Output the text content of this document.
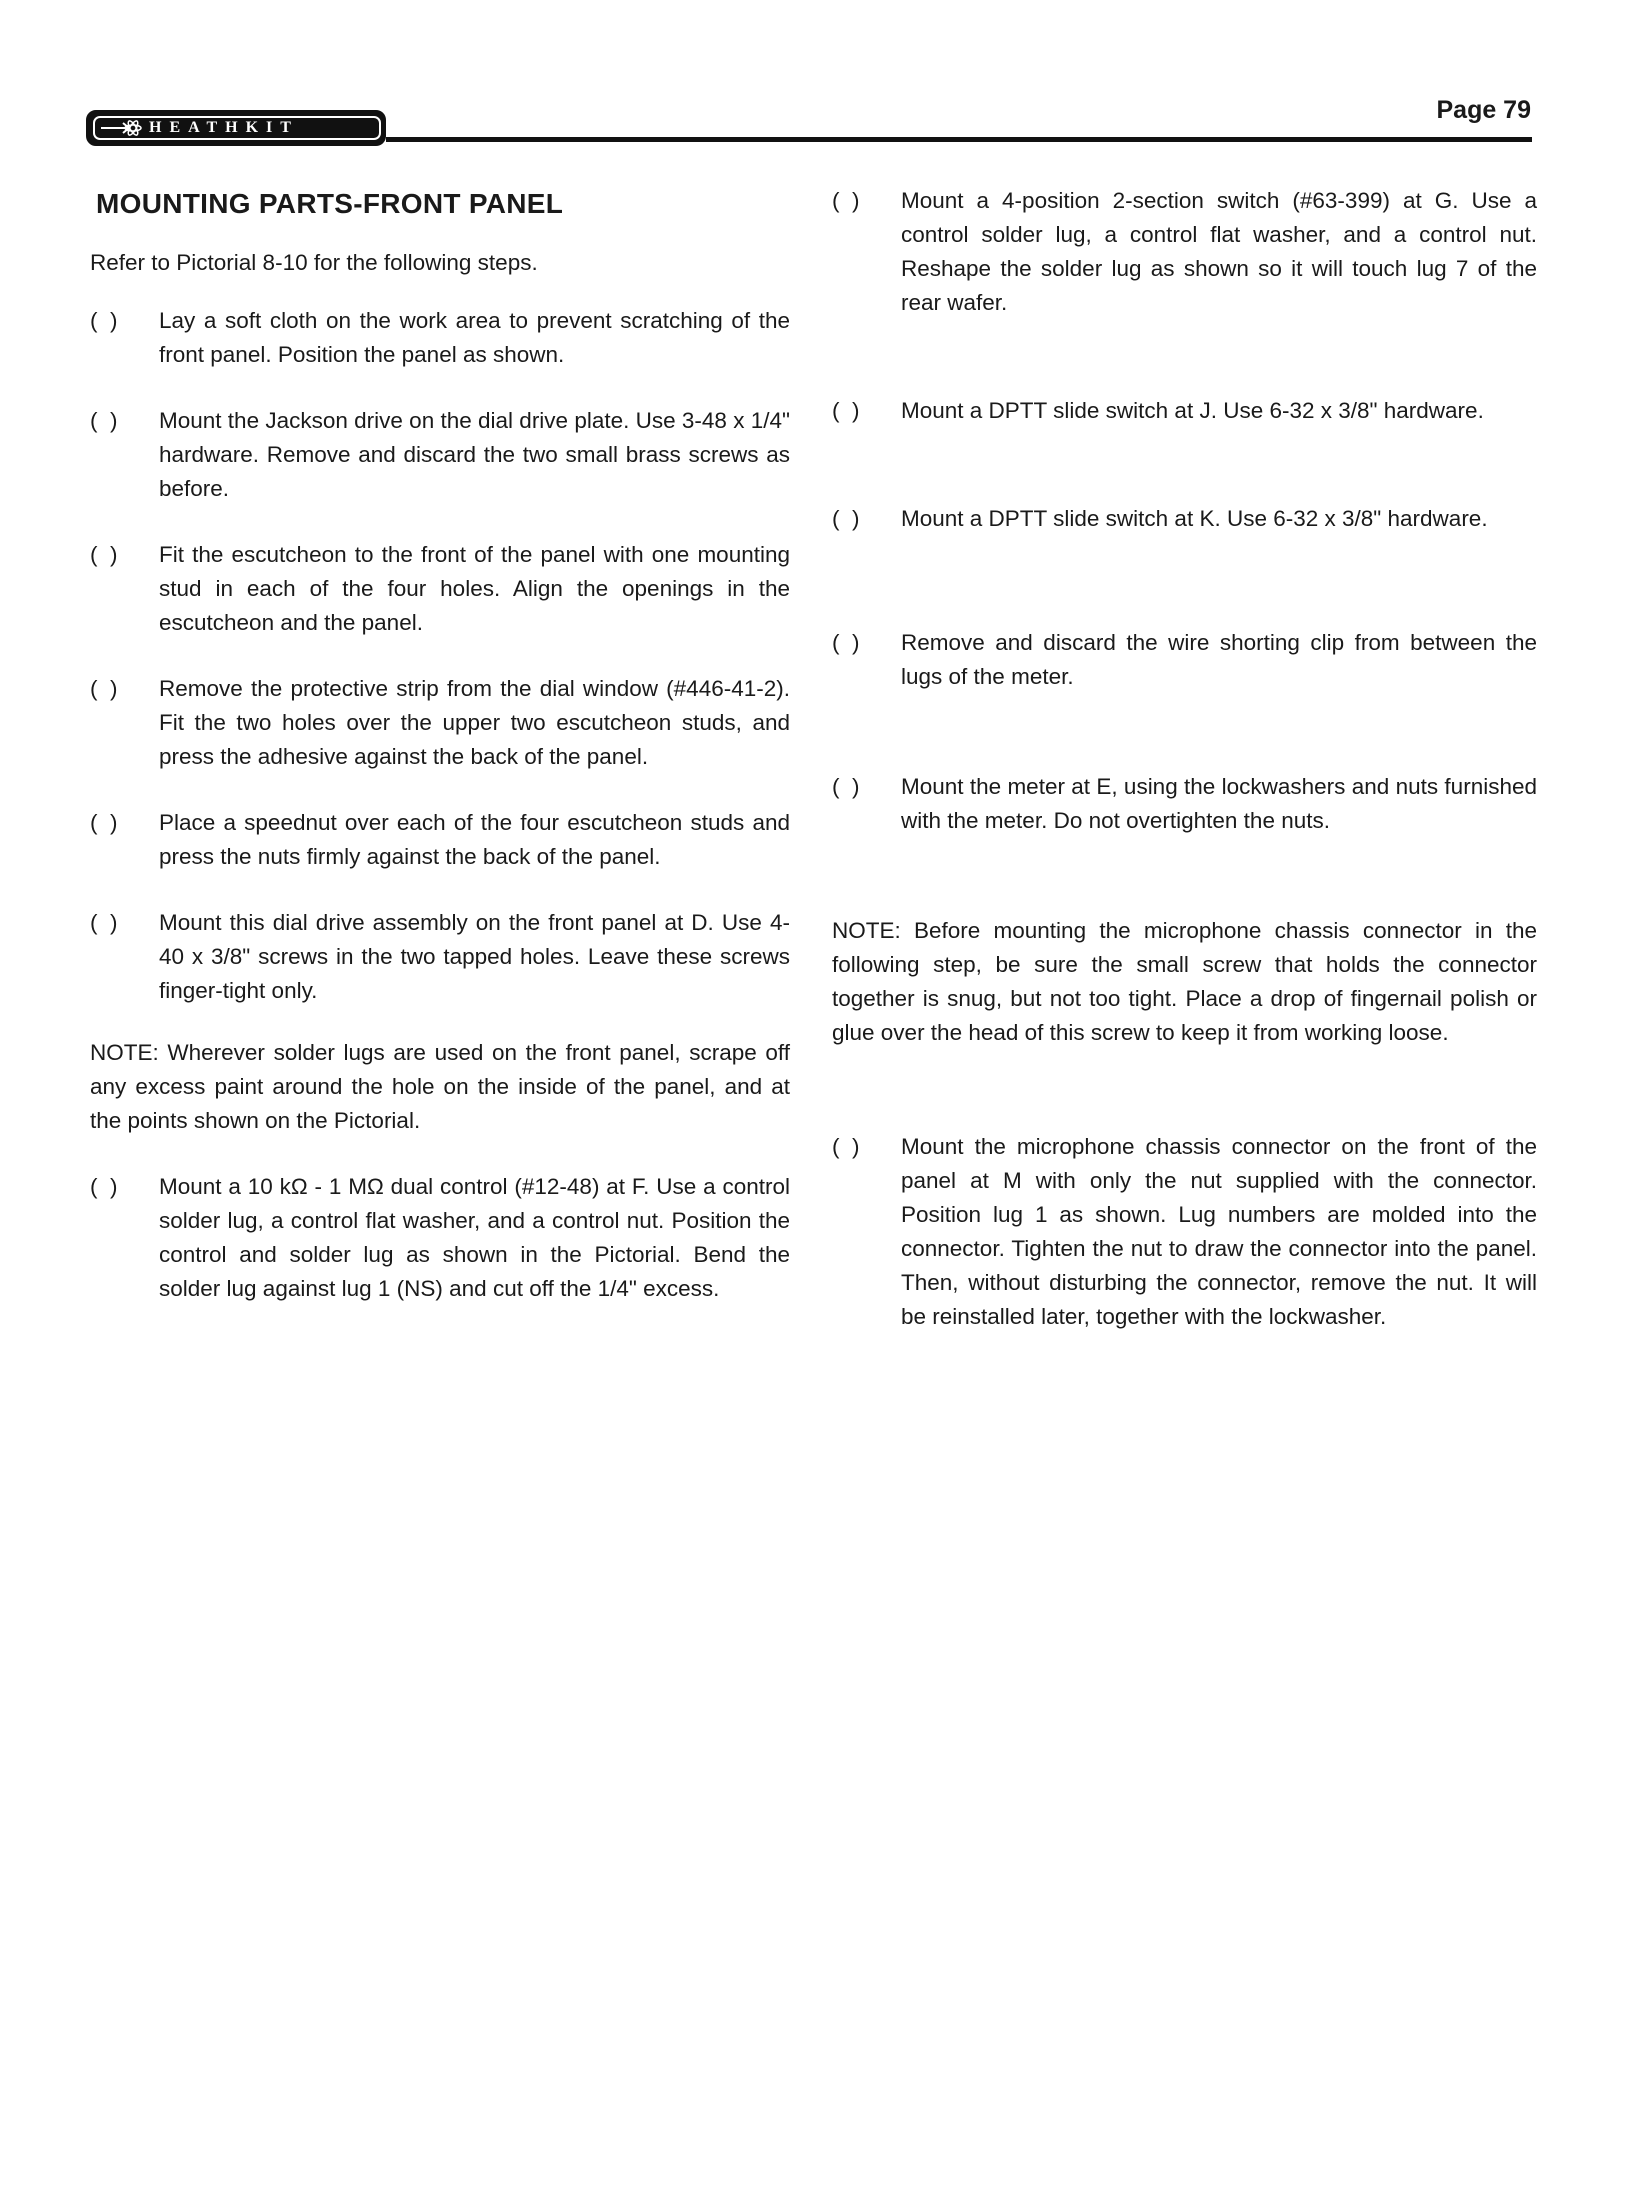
HEATHKIT
Page 79
MOUNTING PARTS-FRONT PANEL

Refer to Pictorial 8-10 for the following steps.

(  )	Lay a soft cloth on the work area to prevent scratching of the front panel. Position the panel as shown.
(  )	Mount the Jackson drive on the dial drive plate. Use 3-48 x 1/4" hardware. Remove and discard the two small brass screws as before.
(  )	Fit the escutcheon to the front of the panel with one mounting stud in each of the four holes. Align the openings in the escutcheon and the panel.
(  )	Remove the protective strip from the dial window (#446-41-2). Fit the two holes over the upper two escutcheon studs, and press the adhesive against the back of the panel.
(  )	Place a speednut over each of the four escutcheon studs and press the nuts firmly against the back of the panel.
(  )	Mount this dial drive assembly on the front panel at D. Use 4-40 x 3/8" screws in the two tapped holes. Leave these screws finger-tight only.
NOTE: Wherever solder lugs are used on the front panel, scrape off any excess paint around the hole on the inside of the panel, and at the points shown on the Pictorial.
(  )	Mount a 10 kΩ - 1 MΩ dual control (#12-48) at F. Use a control solder lug, a control flat washer, and a control nut. Position the control and solder lug as shown in the Pictorial. Bend the solder lug against lug 1 (NS) and cut off the 1/4" excess.
(  )	Mount a 4-position 2-section switch (#63-399) at G. Use a control solder lug, a control flat washer, and a control nut. Reshape the solder lug as shown so it will touch lug 7 of the rear wafer.
(  )	Mount a DPTT slide switch at J. Use 6-32 x 3/8" hardware.
(  )	Mount a DPTT slide switch at K. Use 6-32 x 3/8" hardware.
(  )	Remove and discard the wire shorting clip from between the lugs of the meter.
(  )	Mount the meter at E, using the lockwashers and nuts furnished with the meter. Do not overtighten the nuts.
NOTE: Before mounting the microphone chassis connector in the following step, be sure the small screw that holds the connector together is snug, but not too tight. Place a drop of fingernail polish or glue over the head of this screw to keep it from working loose.
(  )	Mount the microphone chassis connector on the front of the panel at M with only the nut supplied with the connector. Position lug 1 as shown. Lug numbers are molded into the connector. Tighten the nut to draw the connector into the panel. Then, without disturbing the connector, remove the nut. It will be reinstalled later, together with the lockwasher.
